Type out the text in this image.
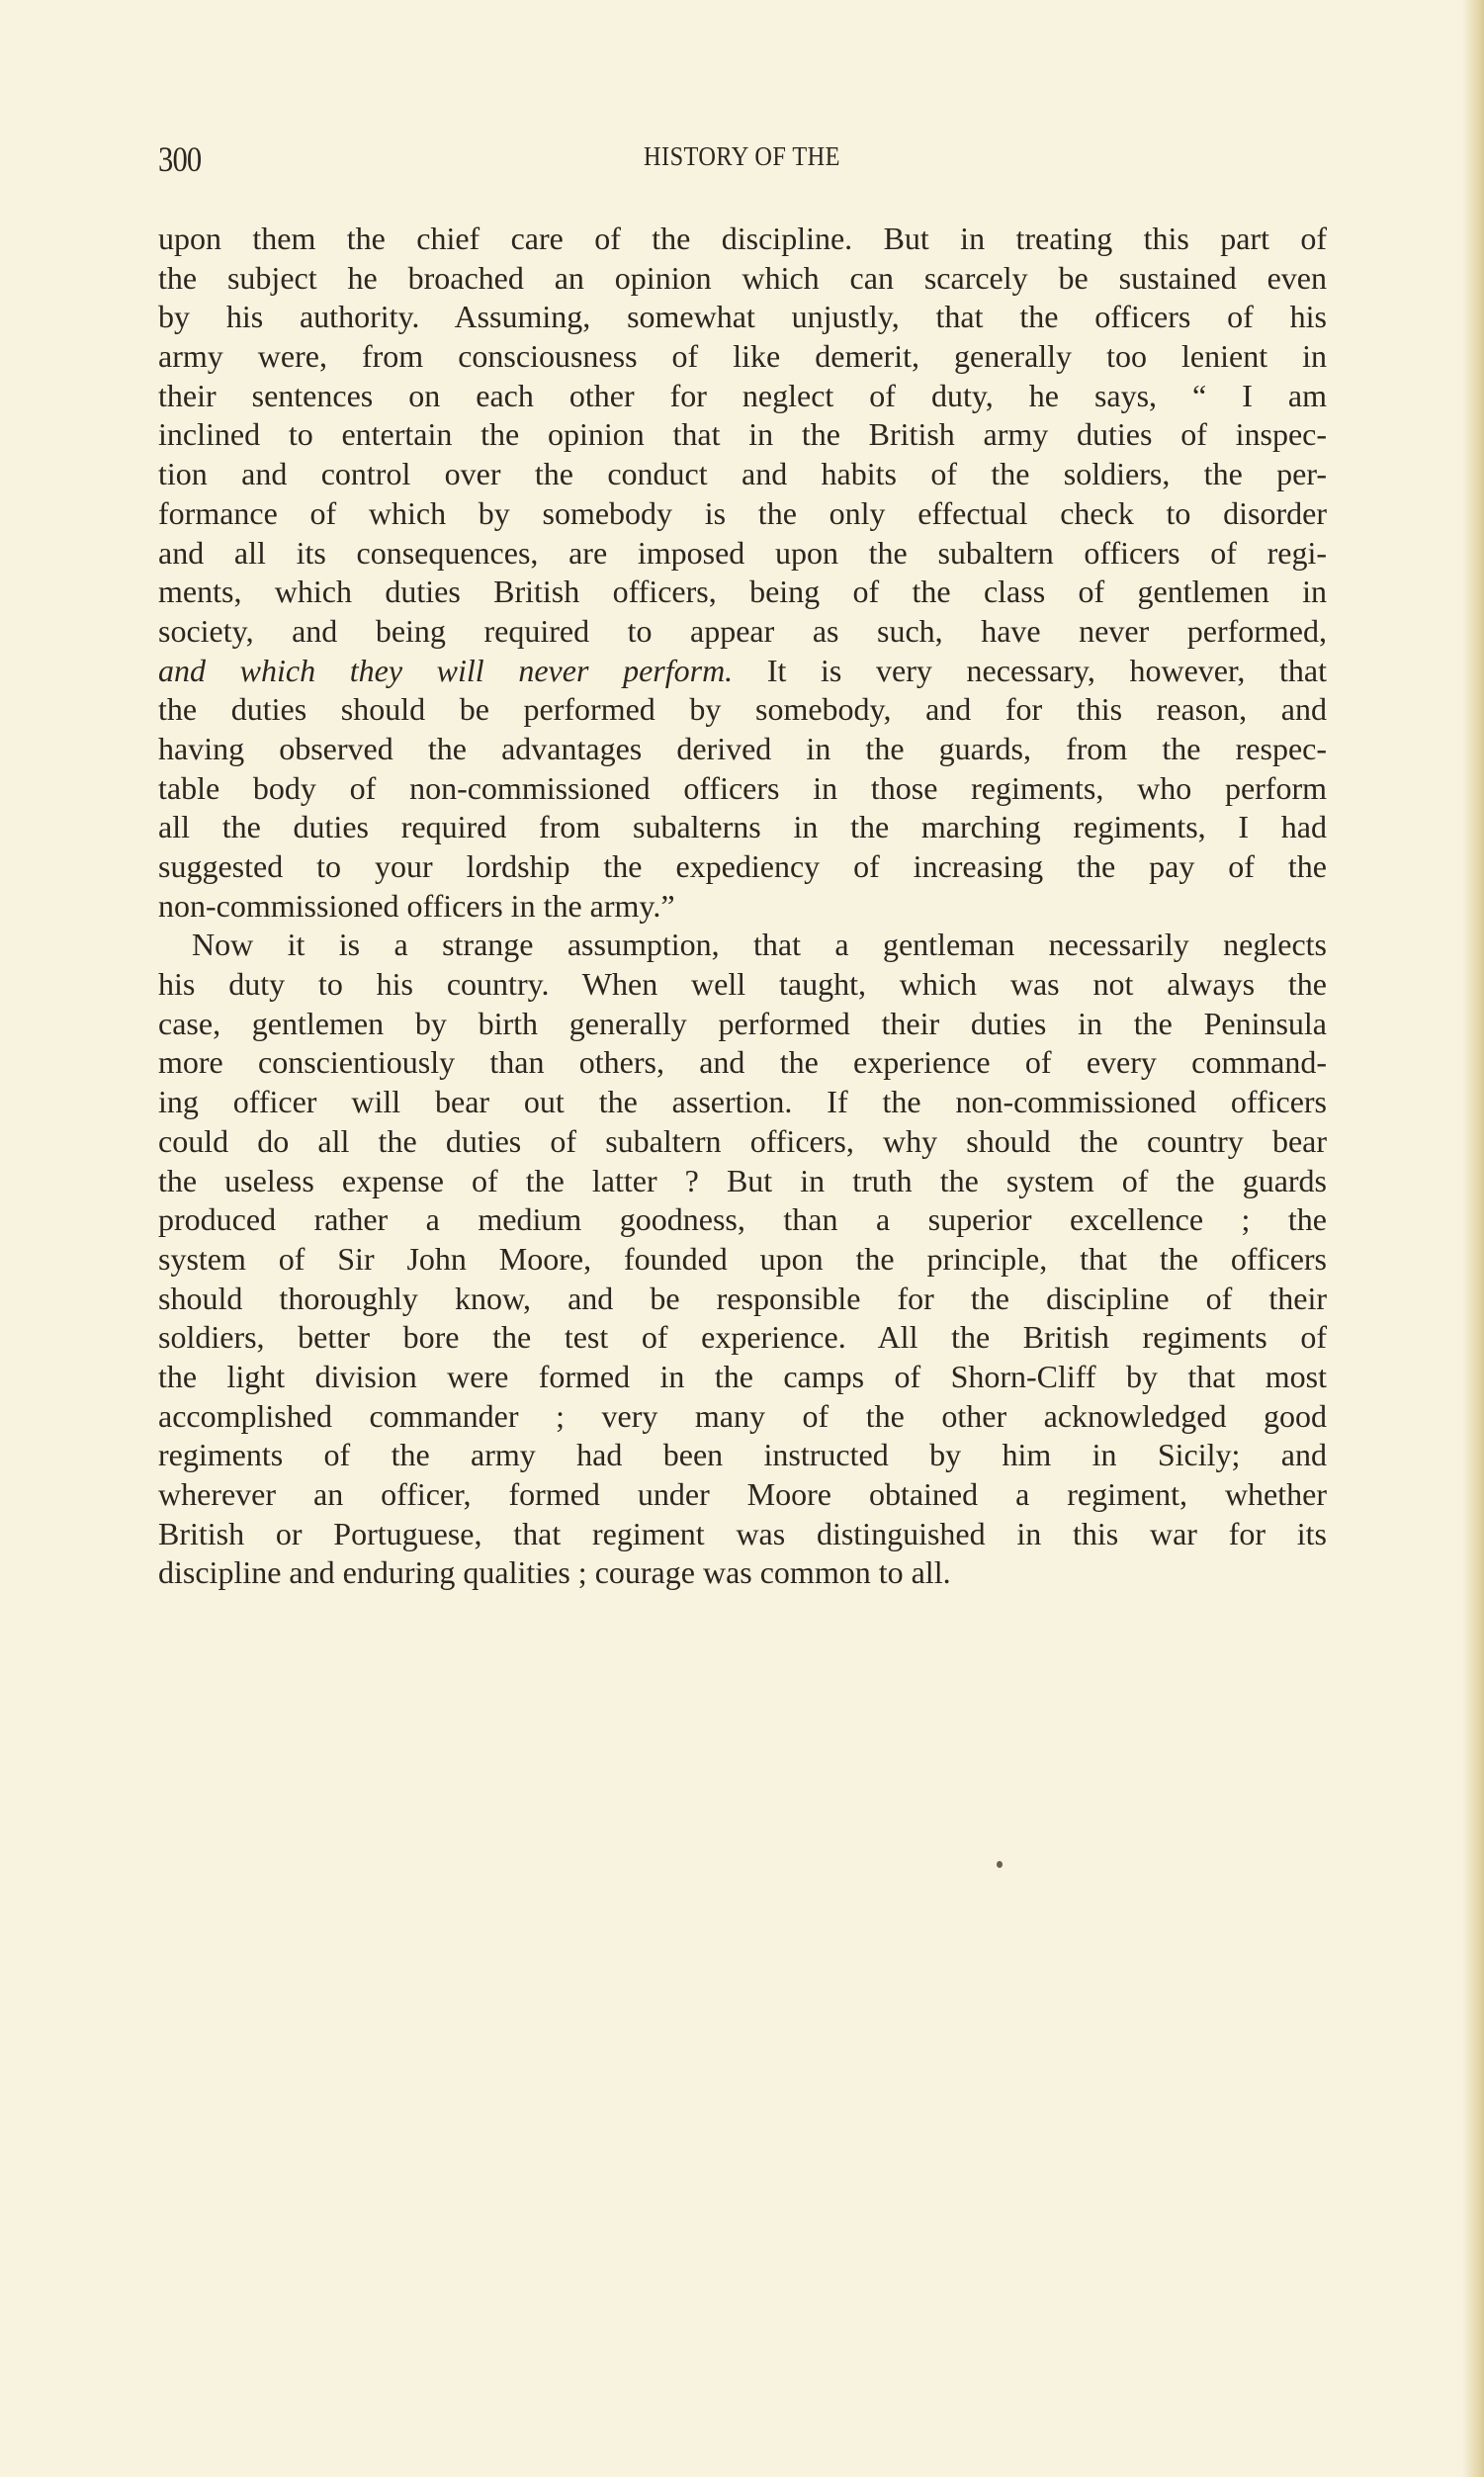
300	HISTORY OF THE
upon them the chief care of the discipline. But in treating this part of
the subject he broached an opinion which can scarcely be sustained even
by his authority. Assuming, somewhat unjustly, that the officers of his
army were, from consciousness of like demerit, generally too lenient in
their sentences on each other for neglect of duty, he says, “ I am
inclined to entertain the opinion that in the British army duties of inspec-
tion and control over the conduct and habits of the soldiers, the per-
formance of which by somebody is the only effectual check to disorder
and all its consequences, are imposed upon the subaltern officers of regi-
ments, which duties British officers, being of the class of gentlemen in
society, and being required to appear as such, have never performed,
and which they will never perform. It is very necessary, however, that
the duties should be performed by somebody, and for this reason, and
having observed the advantages derived in the guards, from the respec-
table body of non-commissioned officers in those regiments, who perform
all the duties required from subalterns in the marching regiments, I had
suggested to your lordship the expediency of increasing the pay of the
non-commissioned officers in the army.”
Now it is a strange assumption, that a gentleman necessarily neglects
his duty to his country. When well taught, which was not always the
case, gentlemen by birth generally performed their duties in the Peninsula
more conscientiously than others, and the experience of every command-
ing officer will bear out the assertion. If the non-commissioned officers
could do all the duties of subaltern officers, why should the country bear
the useless expense of the latter ? But in truth the system of the guards
produced rather a medium goodness, than a superior excellence ; the
system of Sir John Moore, founded upon the principle, that the officers
should thoroughly know, and be responsible for the discipline of their
soldiers, better bore the test of experience. All the British regiments of
the light division were formed in the camps of Shorn-Cliff by that most
accomplished commander ; very many of the other acknowledged good
regiments of the army had been instructed by him in Sicily; and
wherever an officer, formed under Moore obtained a regiment, whether
British or Portuguese, that regiment was distinguished in this war for its
discipline and enduring qualities ; courage was common to all.
